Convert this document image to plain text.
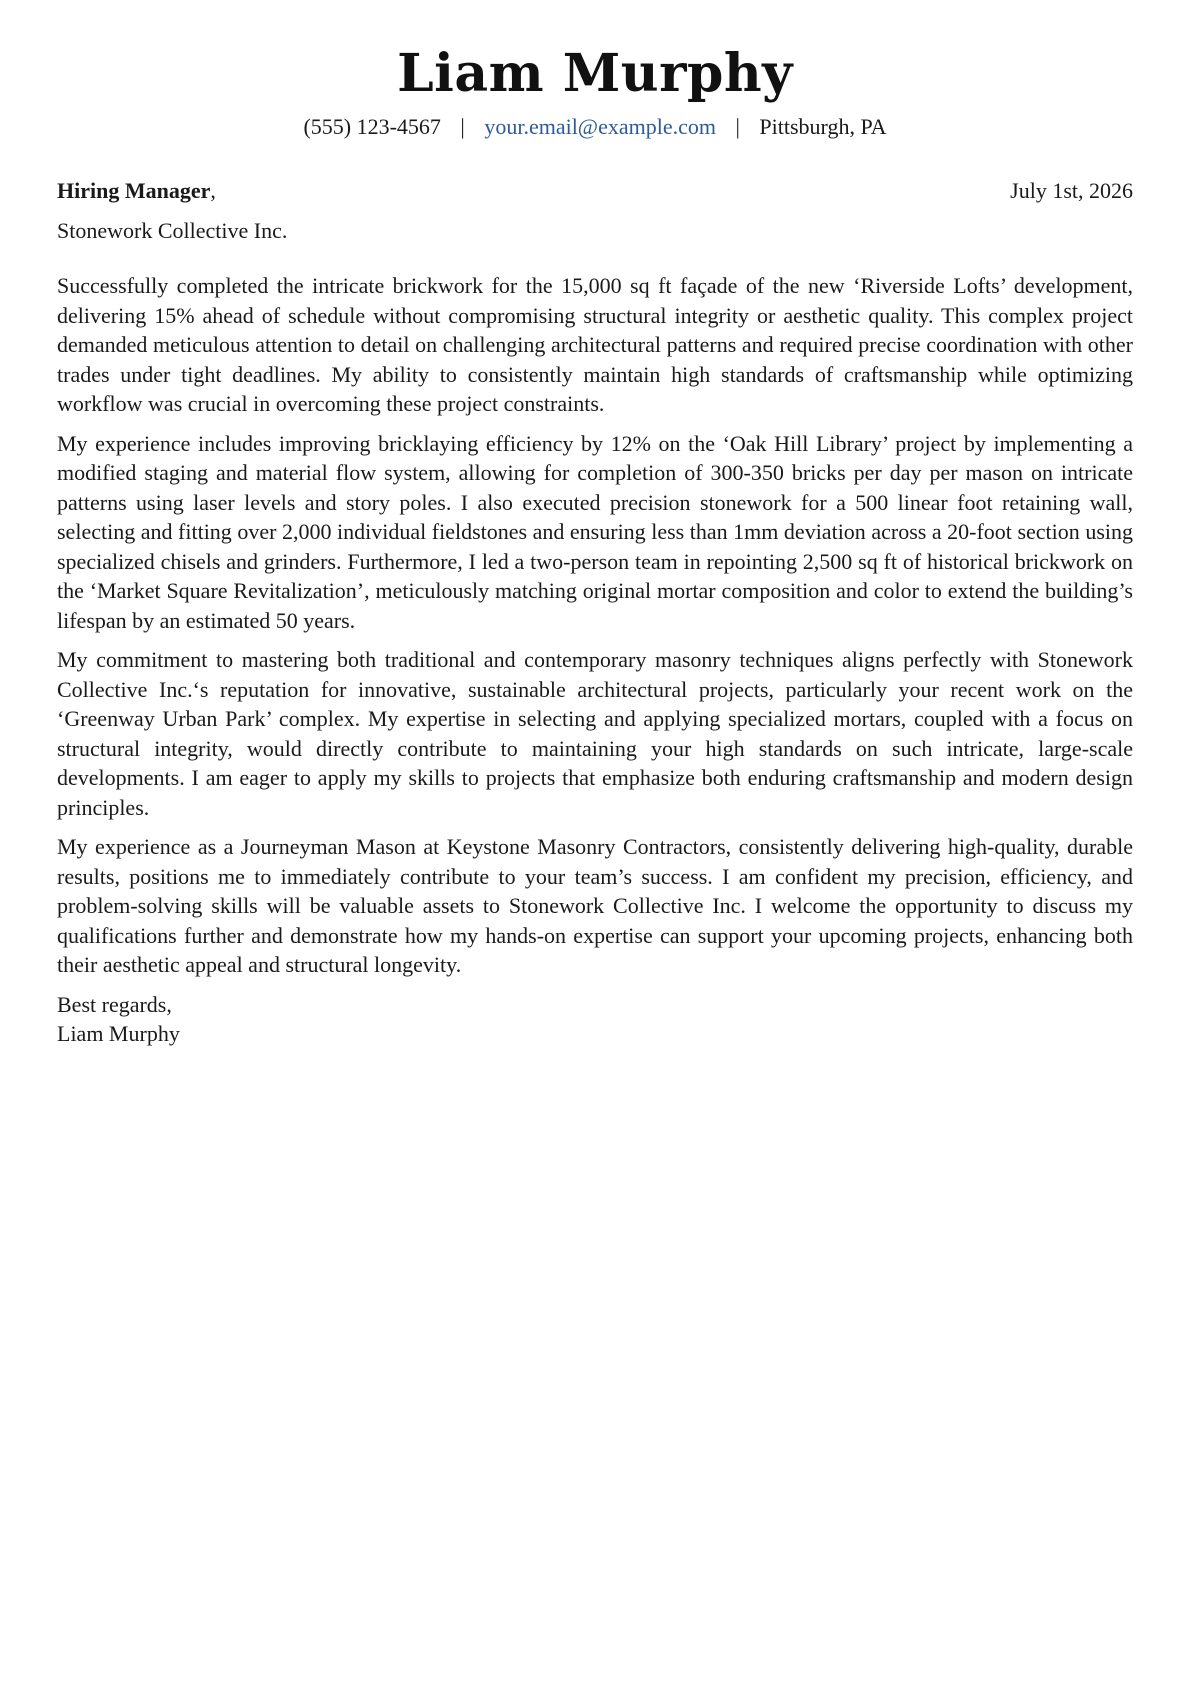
Liam Murphy
(555) 123-4567 | your.email@example.com | Pittsburgh, PA
Hiring Manager,	July 1st, 2026
Stonework Collective Inc.

Successfully completed the intricate brickwork for the 15,000 sq ft façade of the new ‘Riverside Lofts’ development, delivering 15% ahead of schedule without compromising structural integrity or aesthetic quality. This complex project demanded meticulous attention to detail on challenging architectural patterns and required precise coordination with other trades under tight deadlines. My ability to consistently maintain high standards of craftsmanship while optimizing workflow was crucial in overcoming these project constraints.

My experience includes improving bricklaying efficiency by 12% on the ‘Oak Hill Library’ project by implementing a modified staging and material flow system, allowing for completion of 300-350 bricks per day per mason on intricate patterns using laser levels and story poles. I also executed precision stonework for a 500 linear foot retaining wall, selecting and fitting over 2,000 individual fieldstones and ensuring less than 1mm deviation across a 20-foot section using specialized chisels and grinders. Furthermore, I led a two-person team in repointing 2,500 sq ft of historical brickwork on the ‘Market Square Revitalization’, meticulously matching original mortar composition and color to extend the building’s lifespan by an estimated 50 years.

My commitment to mastering both traditional and contemporary masonry techniques aligns perfectly with Stonework Collective Inc.‘s reputation for innovative, sustainable architectural projects, particularly your recent work on the ‘Greenway Urban Park’ complex. My expertise in selecting and applying specialized mortars, coupled with a focus on structural integrity, would directly contribute to maintaining your high standards on such intricate, large-scale developments. I am eager to apply my skills to projects that emphasize both enduring craftsmanship and modern design principles.

My experience as a Journeyman Mason at Keystone Masonry Contractors, consistently delivering high-quality, durable results, positions me to immediately contribute to your team’s success. I am confident my precision, efficiency, and problem-solving skills will be valuable assets to Stonework Collective Inc. I welcome the opportunity to discuss my qualifications further and demonstrate how my hands-on expertise can support your upcoming projects, enhancing both their aesthetic appeal and structural longevity.

Best regards,
Liam Murphy
